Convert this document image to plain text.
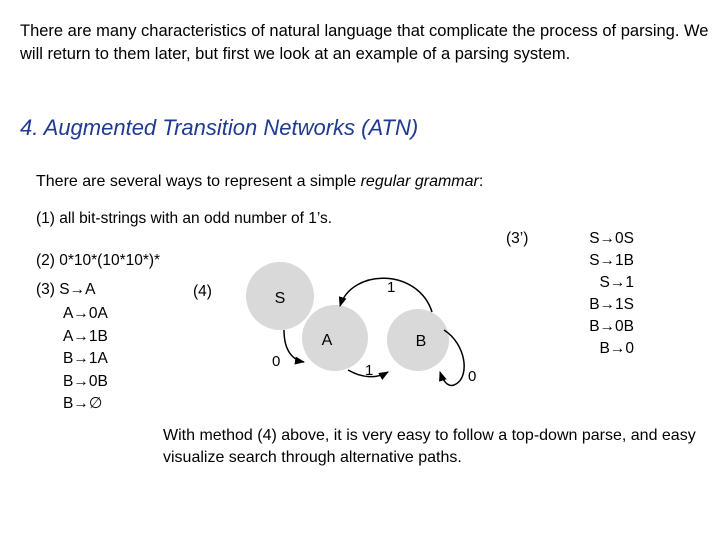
There are many characteristics of natural language that complicate the process of parsing. We will return to them later, but first we look at an example of a parsing system.
4. Augmented Transition Networks (ATN)
There are several ways to represent a simple regular grammar:
(1) all bit-strings with an odd number of 1’s.
(2) 0*10*(10*10*)*
(3) S→A
A→0A
A→1B
B→1A
B→0B
B→∅
(4)
(3’)	S→0S
S→1B
S→1
B→1S
B→0B
B→0
S
A	B
0
1
1
0
With method (4) above, it is very easy to follow a top-down parse, and easy visualize search through alternative paths.
